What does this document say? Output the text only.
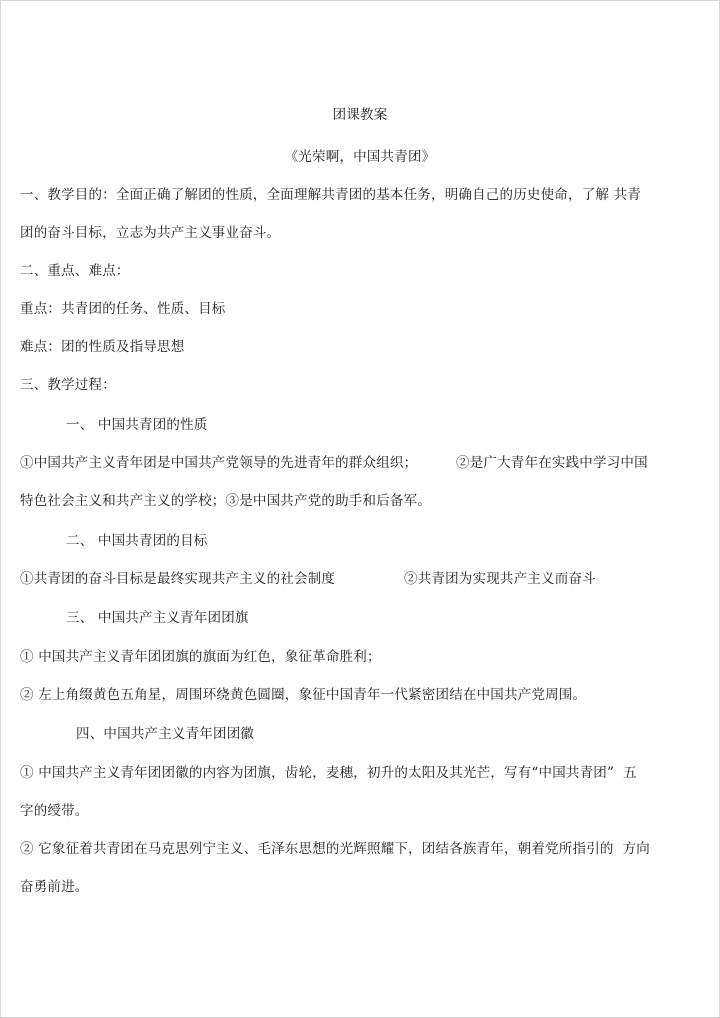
团课教案
《光荣啊，中国共青团》
一、教学目的：全面正确了解团的性质，全面理解共青团的基本任务，明确自己的历史使命，了解 共青
团的奋斗目标，立志为共产主义事业奋斗。
二、重点、难点：
重点：共青团的任务、性质、目标
难点：团的性质及指导思想
三、教学过程：
一、 中国共青团的性质
①中国共产主义青年团是中国共产党领导的先进青年的群众组织；	②是广大青年在实践中学习中国
特色社会主义和共产主义的学校；③是中国共产党的助手和后备军。
二、 中国共青团的目标
①共青团的奋斗目标是最终实现共产主义的社会制度	②共青团为实现共产主义而奋斗
三、 中国共产主义青年团团旗
① 中国共产主义青年团团旗的旗面为红色，象征革命胜利；
② 左上角缀黄色五角星，周围环绕黄色圆圈，象征中国青年一代紧密团结在中国共产党周围。
四、中国共产主义青年团团徽
① 中国共产主义青年团团徽的内容为团旗，齿轮，麦穗，初升的太阳及其光芒，写有“中国共青团”  五
字的绶带。
② 它象征着共青团在马克思列宁主义、毛泽东思想的光辉照耀下，团结各族青年，朝着党所指引的  方向
奋勇前进。
